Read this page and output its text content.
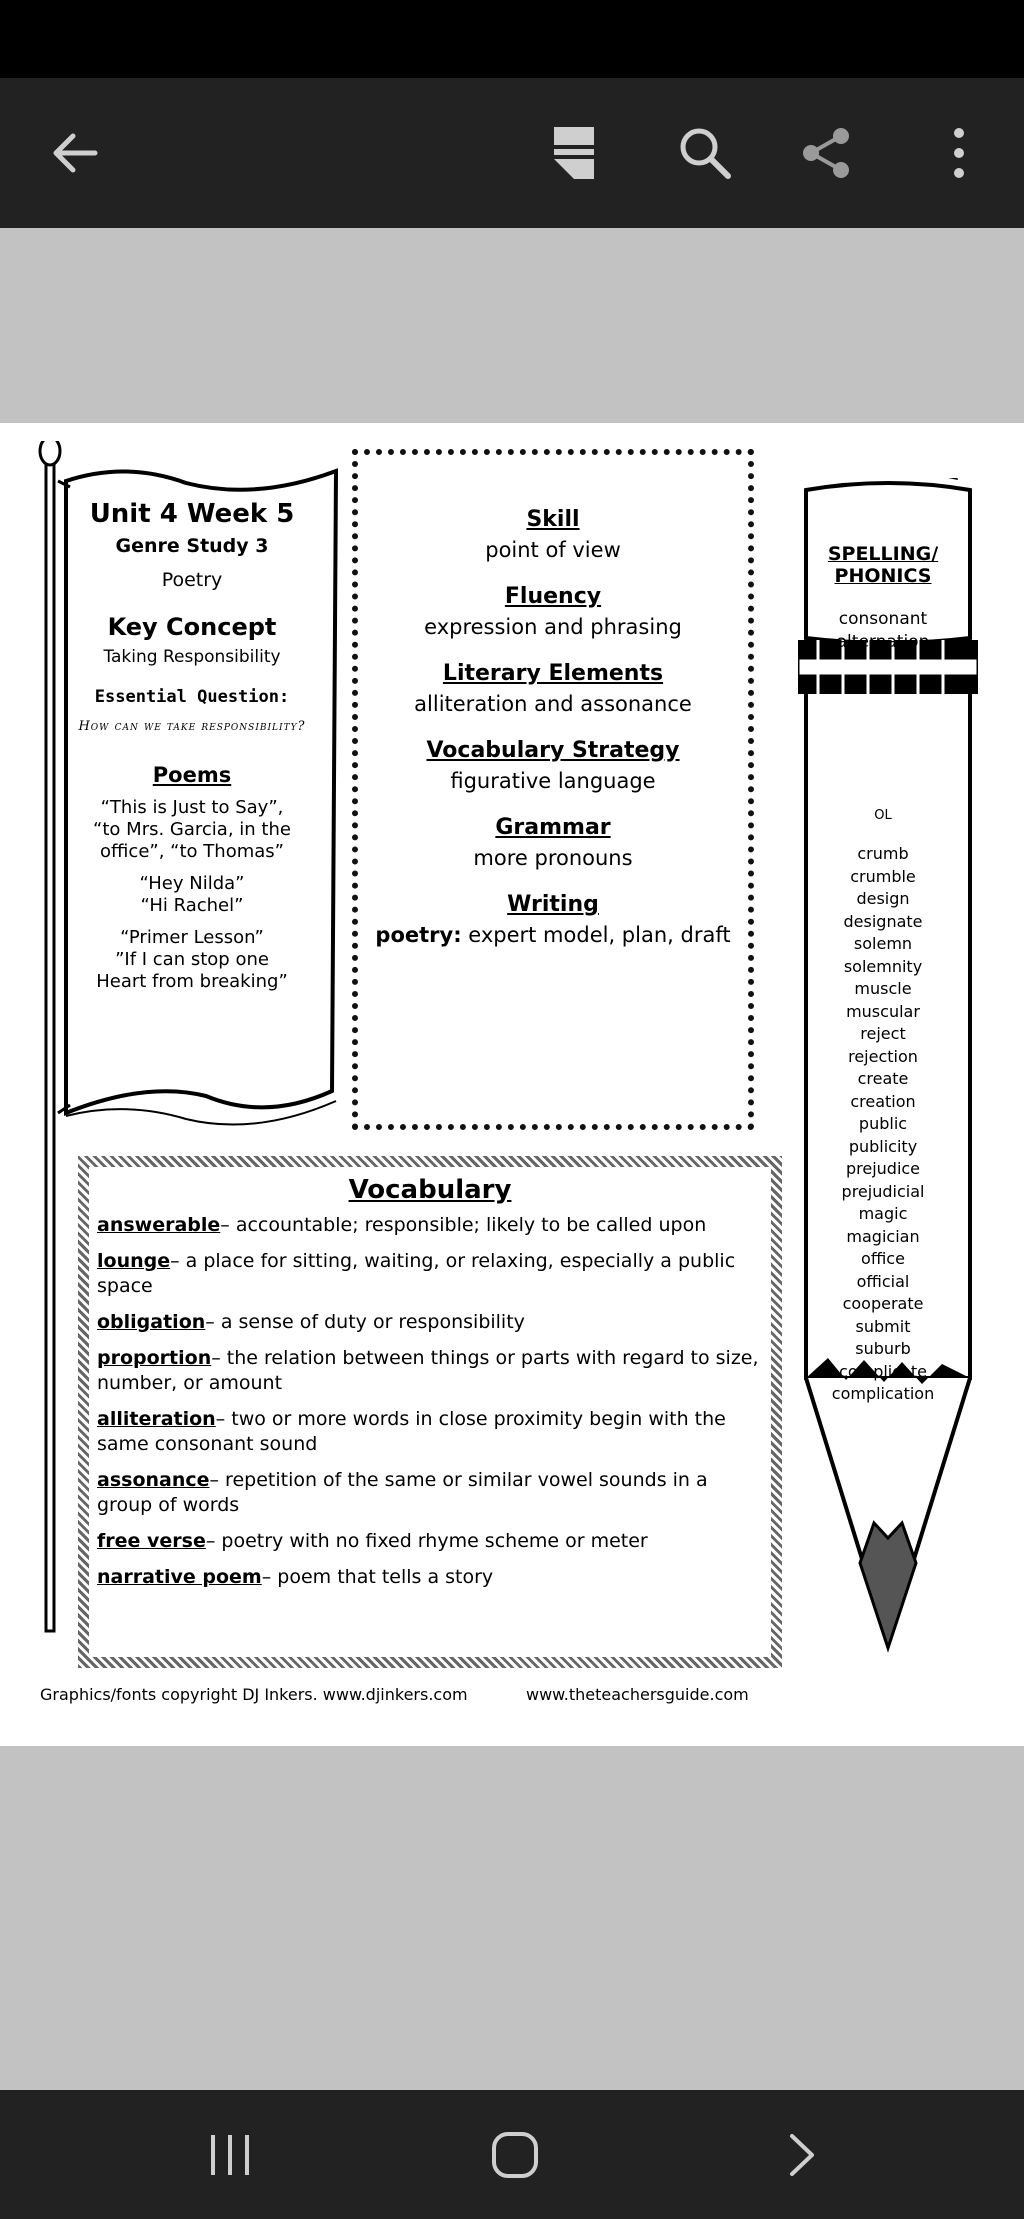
Unit 4 Week 5
Genre Study 3
Poetry
Key Concept
Taking Responsibility
Essential Question:
How can we take responsibility?
Poems
“This is Just to Say”,
“to Mrs. Garcia, in the
office”, “to Thomas”
“Hey Nilda”
“Hi Rachel”
“Primer Lesson”
”If I can stop one
Heart from breaking”
Skill
point of view
Fluency
expression and phrasing
Literary Elements
alliteration and assonance
Vocabulary Strategy
figurative language
Grammar
more pronouns
Writing
poetry: expert model, plan, draft
Vocabulary
answerable– accountable; responsible; likely to be called upon
lounge– a place for sitting, waiting, or relaxing, especially a public space
obligation– a sense of duty or responsibility
proportion– the relation between things or parts with regard to size, number, or amount
alliteration– two or more words in close proximity begin with the same consonant sound
assonance– repetition of the same or similar vowel sounds in a group of words
free verse– poetry with no fixed rhyme scheme or meter
narrative poem– poem that tells a story
SPELLING/
PHONICS
consonant
alternation
OL
crumb
crumble
design
designate
solemn
solemnity
muscle
muscular
reject
rejection
create
creation
public
publicity
prejudice
prejudicial
magic
magician
office
official
cooperate
submit
suburb
complicate
complication
Graphics/fonts copyright DJ Inkers. www.djinkers.com	www.theteachersguide.com
